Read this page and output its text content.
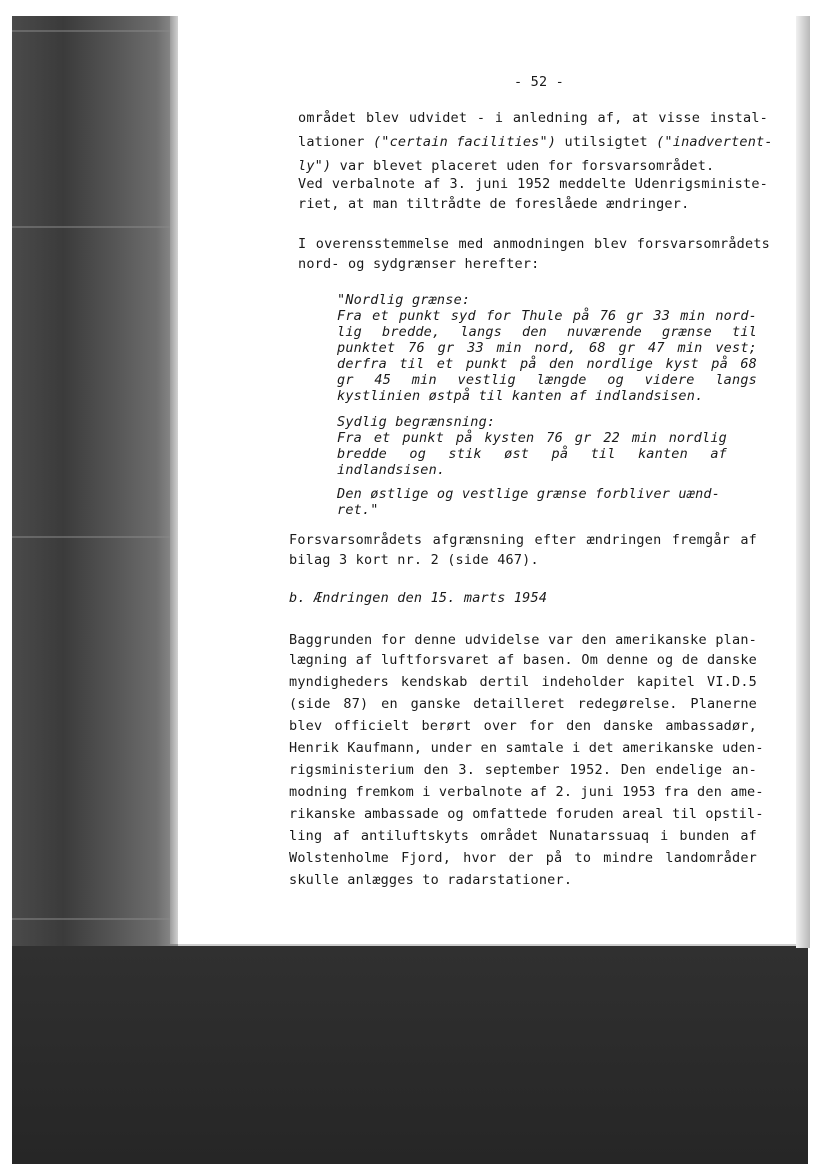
- 52 -
området blev udvidet - i anledning af, at visse instal-
lationer ("certain facilities") utilsigtet ("inadvertent-
ly") var blevet placeret uden for forsvarsområdet.
Ved verbalnote af 3. juni 1952 meddelte Udenrigsministe-
riet, at man tiltrådte de foreslåede ændringer.
I overensstemmelse med anmodningen blev forsvarsområdets
nord- og sydgrænser herefter:
"Nordlig grænse:
Fra et punkt syd for Thule på 76 gr 33 min nord-
lig bredde, langs den nuværende grænse til
punktet 76 gr 33 min nord, 68 gr 47 min vest;
derfra til et punkt på den nordlige kyst på 68
gr 45 min vestlig længde og videre langs
kystlinien østpå til kanten af indlandsisen.
Sydlig begrænsning:
Fra et punkt på kysten 76 gr 22 min nordlig
bredde og stik øst på til kanten af
indlandsisen.
Den østlige og vestlige grænse forbliver uænd-
ret."
Forsvarsområdets afgrænsning efter ændringen fremgår af
bilag 3 kort nr. 2 (side 467).
b. Ændringen den 15. marts 1954
Baggrunden for denne udvidelse var den amerikanske plan-
lægning af luftforsvaret af basen. Om denne og de danske
myndigheders kendskab dertil indeholder kapitel VI.D.5
(side 87) en ganske detailleret redegørelse. Planerne
blev officielt berørt over for den danske ambassadør,
Henrik Kaufmann, under en samtale i det amerikanske uden-
rigsministerium den 3. september 1952. Den endelige an-
modning fremkom i verbalnote af 2. juni 1953 fra den ame-
rikanske ambassade og omfattede foruden areal til opstil-
ling af antiluftskyts området Nunatarssuaq i bunden af
Wolstenholme Fjord, hvor der på to mindre landområder
skulle anlægges to radarstationer.
